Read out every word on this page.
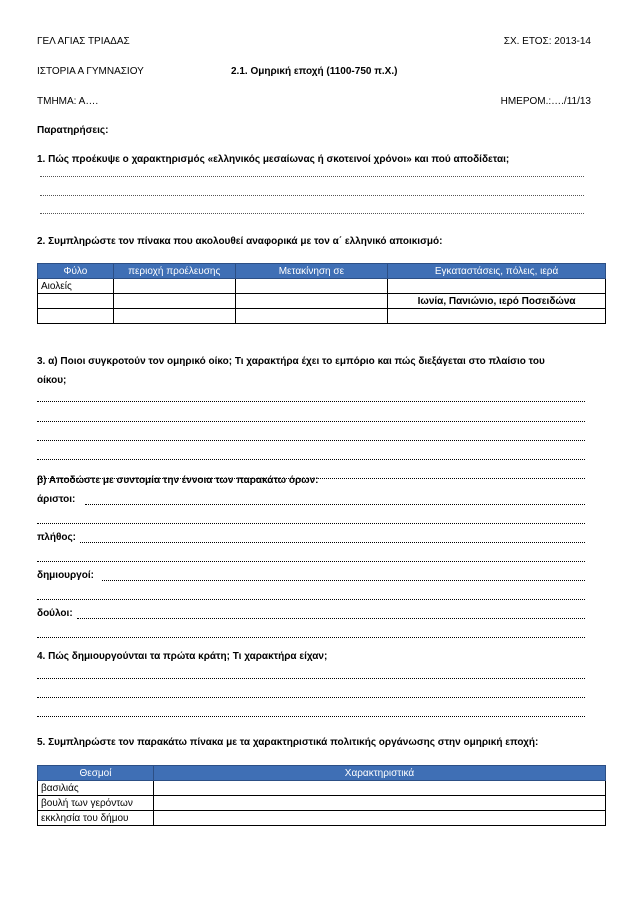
ΓΕΛ ΑΓΙΑΣ ΤΡΙΑΔΑΣ	ΣΧ. ΕΤΟΣ: 2013-14
ΙΣΤΟΡΙΑ Α ΓΥΜΝΑΣΙΟΥ	2.1. Ομηρική εποχή (1100-750 π.Χ.)
ΤΜΗΜΑ: Α….	ΗΜΕΡΟΜ.:…./11/13
Παρατηρήσεις:
1. Πώς προέκυψε ο χαρακτηρισμός «ελληνικός μεσαίωνας ή σκοτεινοί χρόνοι» και πού αποδίδεται;
2. Συμπληρώστε τον πίνακα που ακολουθεί αναφορικά με τον α΄ ελληνικό αποικισμό:
Φύλο	περιοχή προέλευσης	Μετακίνηση σε	Εγκαταστάσεις, πόλεις, ιερά
Αιολείς			
			Ιωνία, Πανιώνιο, ιερό Ποσειδώνα

3. α) Ποιοι συγκροτούν τον ομηρικό οίκο; Τι χαρακτήρα έχει το εμπόριο και πώς διεξάγεται στο πλαίσιο του
οίκου;
β) Αποδώστε με συντομία την έννοια των παρακάτω όρων:
άριστοι:
πλήθος:
δημιουργοί:
δούλοι:
4. Πώς δημιουργούνται τα πρώτα κράτη; Τι χαρακτήρα είχαν;
5. Συμπληρώστε τον παρακάτω πίνακα με τα χαρακτηριστικά πολιτικής οργάνωσης στην ομηρική εποχή:
Θεσμοί	Χαρακτηριστικά
βασιλιάς	
βουλή των γερόντων	
εκκλησία του δήμου	
